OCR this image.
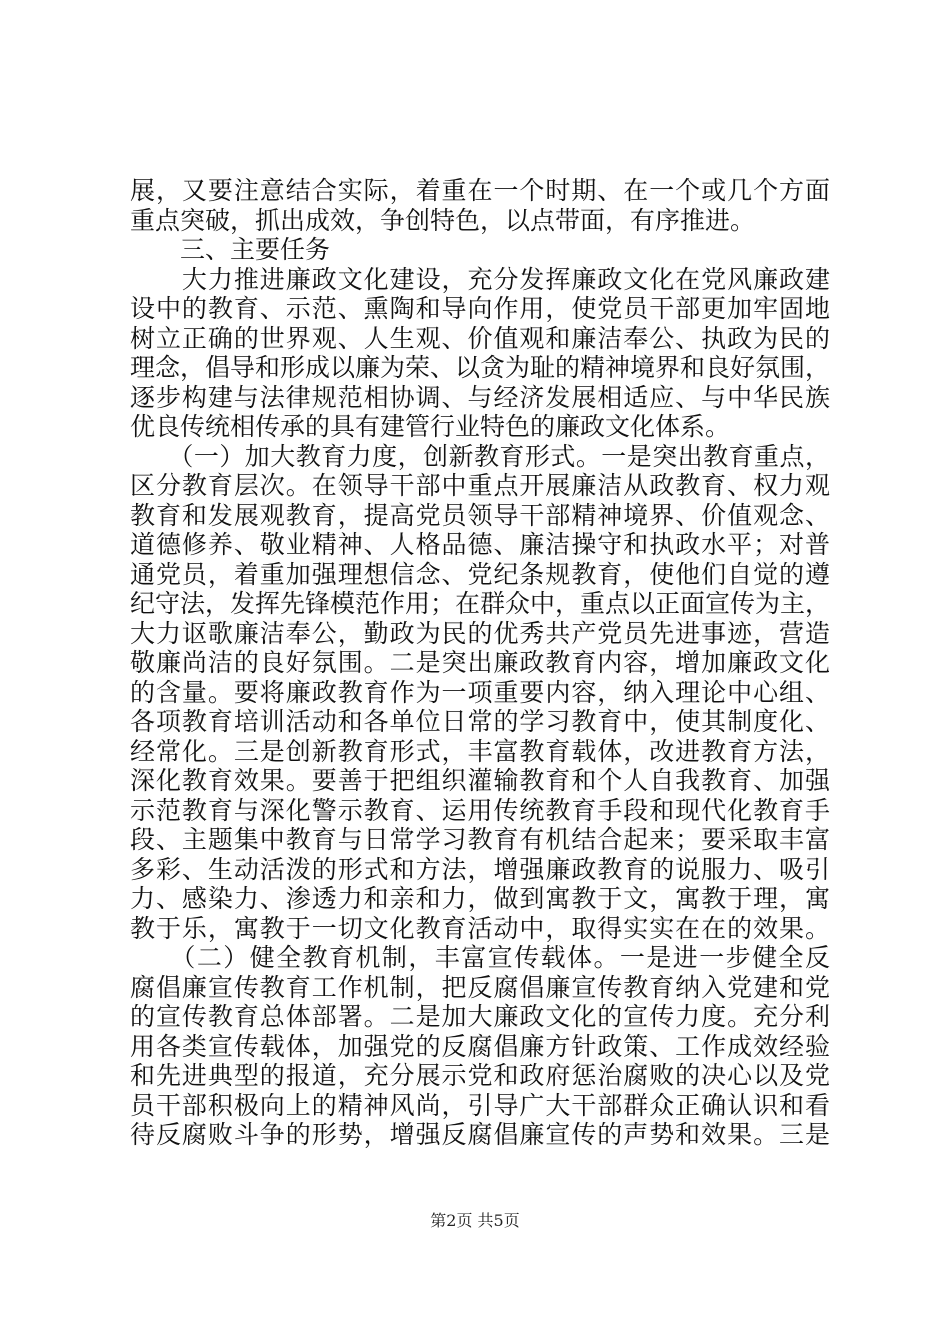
展，又要注意结合实际，着重在一个时期、在一个或几个方面
重点突破，抓出成效，争创特色，以点带面，有序推进。
　　三、主要任务
　　大力推进廉政文化建设，充分发挥廉政文化在党风廉政建
设中的教育、示范、熏陶和导向作用，使党员干部更加牢固地
树立正确的世界观、人生观、价值观和廉洁奉公、执政为民的
理念，倡导和形成以廉为荣、以贪为耻的精神境界和良好氛围，
逐步构建与法律规范相协调、与经济发展相适应、与中华民族
优良传统相传承的具有建管行业特色的廉政文化体系。
　　（一）加大教育力度，创新教育形式。一是突出教育重点，
区分教育层次。在领导干部中重点开展廉洁从政教育、权力观
教育和发展观教育，提高党员领导干部精神境界、价值观念、
道德修养、敬业精神、人格品德、廉洁操守和执政水平；对普
通党员，着重加强理想信念、党纪条规教育，使他们自觉的遵
纪守法，发挥先锋模范作用；在群众中，重点以正面宣传为主，
大力讴歌廉洁奉公，勤政为民的优秀共产党员先进事迹，营造
敬廉尚洁的良好氛围。二是突出廉政教育内容，增加廉政文化
的含量。要将廉政教育作为一项重要内容，纳入理论中心组、
各项教育培训活动和各单位日常的学习教育中，使其制度化、
经常化。三是创新教育形式，丰富教育载体，改进教育方法，
深化教育效果。要善于把组织灌输教育和个人自我教育、加强
示范教育与深化警示教育、运用传统教育手段和现代化教育手
段、主题集中教育与日常学习教育有机结合起来；要采取丰富
多彩、生动活泼的形式和方法，增强廉政教育的说服力、吸引
力、感染力、渗透力和亲和力，做到寓教于文，寓教于理，寓
教于乐，寓教于一切文化教育活动中，取得实实在在的效果。
　　（二）健全教育机制，丰富宣传载体。一是进一步健全反
腐倡廉宣传教育工作机制，把反腐倡廉宣传教育纳入党建和党
的宣传教育总体部署。二是加大廉政文化的宣传力度。充分利
用各类宣传载体，加强党的反腐倡廉方针政策、工作成效经验
和先进典型的报道，充分展示党和政府惩治腐败的决心以及党
员干部积极向上的精神风尚，引导广大干部群众正确认识和看
待反腐败斗争的形势，增强反腐倡廉宣传的声势和效果。三是
第2页 共5页
